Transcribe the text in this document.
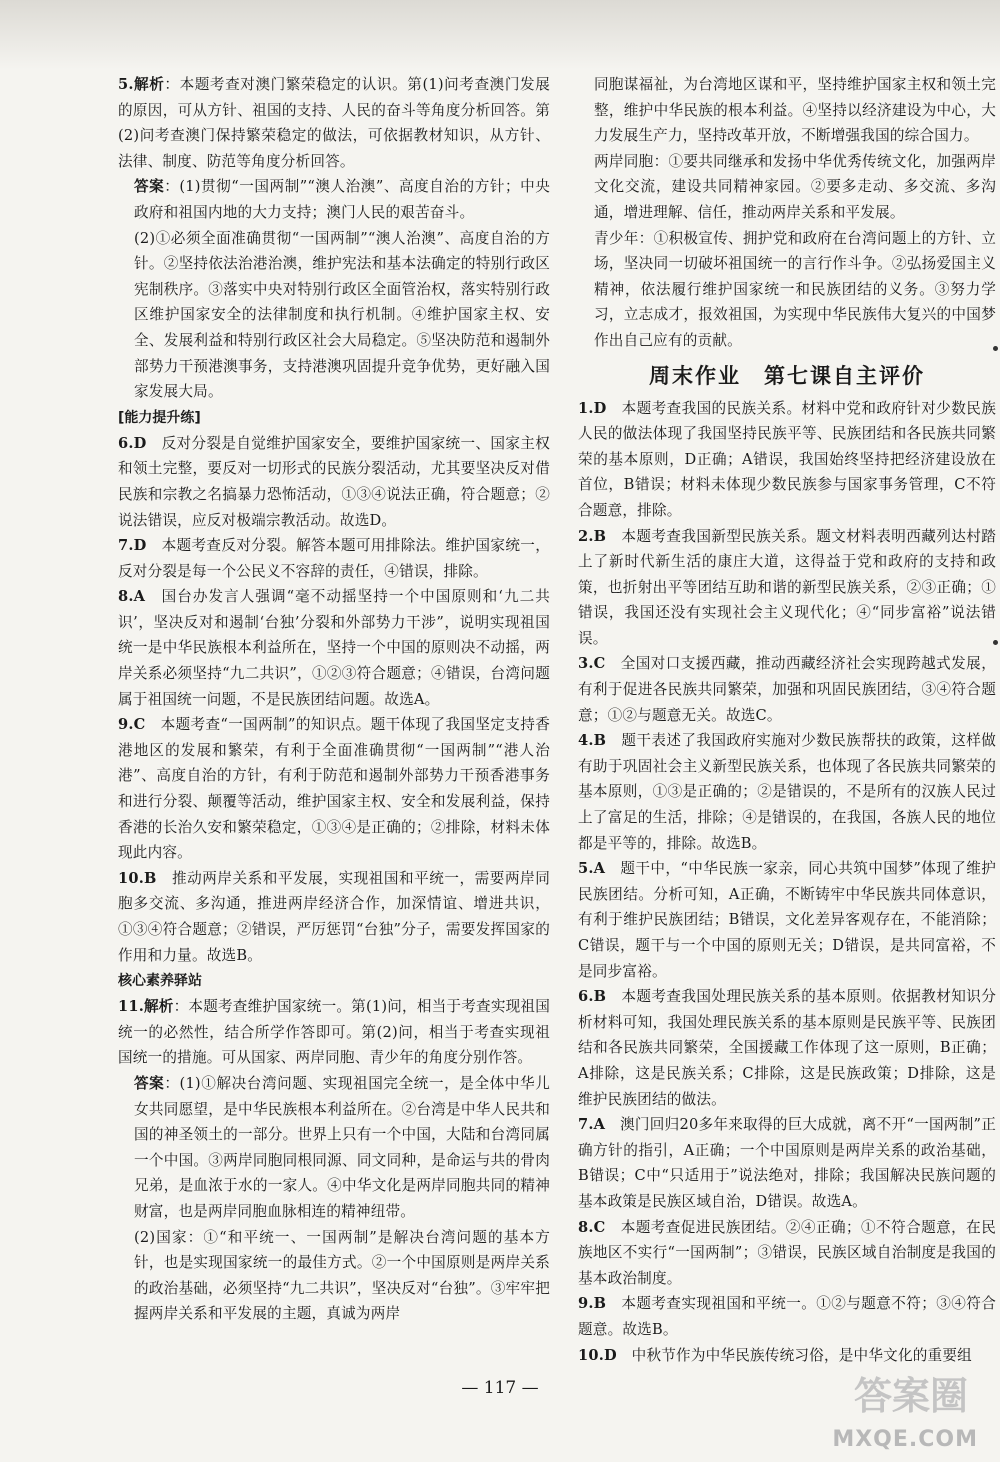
5.解析：本题考查对澳门繁荣稳定的认识。第(1)问考查澳门发展的原因，可从方针、祖国的支持、人民的奋斗等角度分析回答。第(2)问考查澳门保持繁荣稳定的做法，可依据教材知识，从方针、法律、制度、防范等角度分析回答。

答案：(1)贯彻“一国两制”“澳人治澳”、高度自治的方针；中央政府和祖国内地的大力支持；澳门人民的艰苦奋斗。

(2)①必须全面准确贯彻“一国两制”“澳人治澳”、高度自治的方针。②坚持依法治港治澳，维护宪法和基本法确定的特别行政区宪制秩序。③落实中央对特别行政区全面管治权，落实特别行政区维护国家安全的法律制度和执行机制。④维护国家主权、安全、发展利益和特别行政区社会大局稳定。⑤坚决防范和遏制外部势力干预港澳事务，支持港澳巩固提升竞争优势，更好融入国家发展大局。

[能力提升练]

6.D　反对分裂是自觉维护国家安全，要维护国家统一、国家主权和领土完整，要反对一切形式的民族分裂活动，尤其要坚决反对借民族和宗教之名搞暴力恐怖活动，①③④说法正确，符合题意；②说法错误，应反对极端宗教活动。故选D。

7.D　本题考查反对分裂。解答本题可用排除法。维护国家统一，反对分裂是每一个公民义不容辞的责任，④错误，排除。

8.A　国台办发言人强调“毫不动摇坚持一个中国原则和‘九二共识’，坚决反对和遏制‘台独’分裂和外部势力干涉”，说明实现祖国统一是中华民族根本利益所在，坚持一个中国的原则决不动摇，两岸关系必须坚持“九二共识”，①②③符合题意；④错误，台湾问题属于祖国统一问题，不是民族团结问题。故选A。

9.C　本题考查“一国两制”的知识点。题干体现了我国坚定支持香港地区的发展和繁荣，有利于全面准确贯彻“一国两制”“港人治港”、高度自治的方针，有利于防范和遏制外部势力干预香港事务和进行分裂、颠覆等活动，维护国家主权、安全和发展利益，保持香港的长治久安和繁荣稳定，①③④是正确的；②排除，材料未体现此内容。

10.B　推动两岸关系和平发展，实现祖国和平统一，需要两岸同胞多交流、多沟通，推进两岸经济合作，加深情谊、增进共识，①③④符合题意；②错误，严厉惩罚“台独”分子，需要发挥国家的作用和力量。故选B。

核心素养驿站

11.解析：本题考查维护国家统一。第(1)问，相当于考查实现祖国统一的必然性，结合所学作答即可。第(2)问，相当于考查实现祖国统一的措施。可从国家、两岸同胞、青少年的角度分别作答。

答案：(1)①解决台湾问题、实现祖国完全统一，是全体中华儿女共同愿望，是中华民族根本利益所在。②台湾是中华人民共和国的神圣领土的一部分。世界上只有一个中国，大陆和台湾同属一个中国。③两岸同胞同根同源、同文同种，是命运与共的骨肉兄弟，是血浓于水的一家人。④中华文化是两岸同胞共同的精神财富，也是两岸同胞血脉相连的精神纽带。

(2)国家：①“和平统一、一国两制”是解决台湾问题的基本方针，也是实现国家统一的最佳方式。②一个中国原则是两岸关系的政治基础，必须坚持“九二共识”，坚决反对“台独”。③牢牢把握两岸关系和平发展的主题，真诚为两岸

同胞谋福祉，为台湾地区谋和平，坚持维护国家主权和领土完整，维护中华民族的根本利益。④坚持以经济建设为中心，大力发展生产力，坚持改革开放，不断增强我国的综合国力。

两岸同胞：①要共同继承和发扬中华优秀传统文化，加强两岸文化交流，建设共同精神家园。②要多走动、多交流、多沟通，增进理解、信任，推动两岸关系和平发展。

青少年：①积极宣传、拥护党和政府在台湾问题上的方针、立场，坚决同一切破坏祖国统一的言行作斗争。②弘扬爱国主义精神，依法履行维护国家统一和民族团结的义务。③努力学习，立志成才，报效祖国，为实现中华民族伟大复兴的中国梦作出自己应有的贡献。

周末作业　第七课自主评价

1.D　本题考查我国的民族关系。材料中党和政府针对少数民族人民的做法体现了我国坚持民族平等、民族团结和各民族共同繁荣的基本原则，D正确；A错误，我国始终坚持把经济建设放在首位，B错误；材料未体现少数民族参与国家事务管理，C不符合题意，排除。

2.B　本题考查我国新型民族关系。题文材料表明西藏列达村踏上了新时代新生活的康庄大道，这得益于党和政府的支持和政策，也折射出平等团结互助和谐的新型民族关系，②③正确；①错误，我国还没有实现社会主义现代化；④“同步富裕”说法错误。

3.C　全国对口支援西藏，推动西藏经济社会实现跨越式发展，有利于促进各民族共同繁荣，加强和巩固民族团结，③④符合题意；①②与题意无关。故选C。

4.B　题干表述了我国政府实施对少数民族帮扶的政策，这样做有助于巩固社会主义新型民族关系，也体现了各民族共同繁荣的基本原则，①③是正确的；②是错误的，不是所有的汉族人民过上了富足的生活，排除；④是错误的，在我国，各族人民的地位都是平等的，排除。故选B。

5.A　题干中，“中华民族一家亲，同心共筑中国梦”体现了维护民族团结。分析可知，A正确，不断铸牢中华民族共同体意识，有利于维护民族团结；B错误，文化差异客观存在，不能消除；C错误，题干与一个中国的原则无关；D错误，是共同富裕，不是同步富裕。

6.B　本题考查我国处理民族关系的基本原则。依据教材知识分析材料可知，我国处理民族关系的基本原则是民族平等、民族团结和各民族共同繁荣，全国援藏工作体现了这一原则，B正确；A排除，这是民族关系；C排除，这是民族政策；D排除，这是维护民族团结的做法。

7.A　澳门回归20多年来取得的巨大成就，离不开“一国两制”正确方针的指引，A正确；一个中国原则是两岸关系的政治基础，B错误；C中“只适用于”说法绝对，排除；我国解决民族问题的基本政策是民族区域自治，D错误。故选A。

8.C　本题考查促进民族团结。②④正确；①不符合题意，在民族地区不实行“一国两制”；③错误，民族区域自治制度是我国的基本政治制度。

9.B　本题考查实现祖国和平统一。①②与题意不符；③④符合题意。故选B。

10.D　中秋节作为中华民族传统习俗，是中华文化的重要组

— 117 —	答案圈
MXQE.COM
